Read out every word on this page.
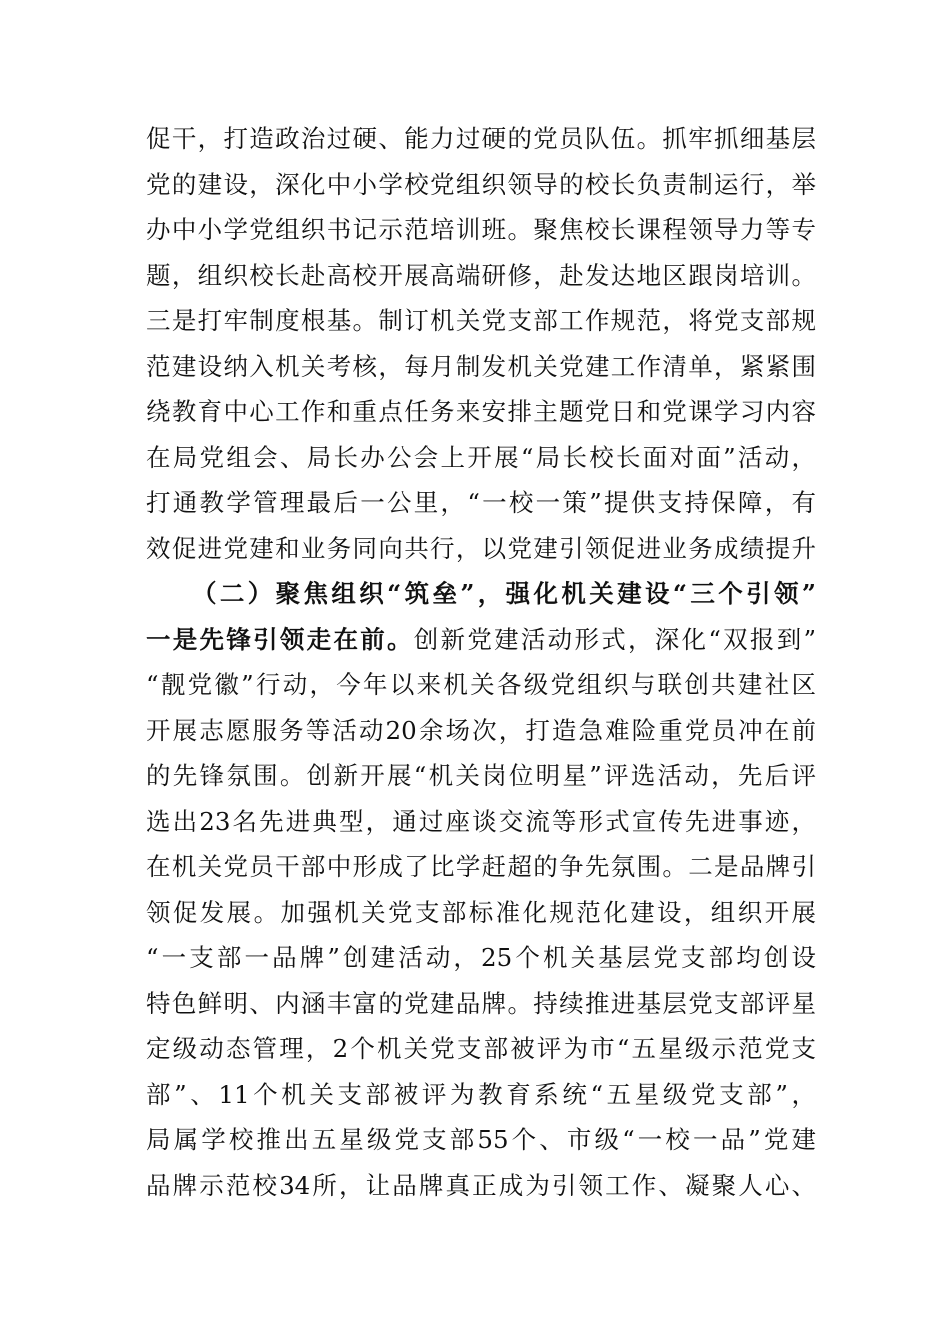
促干，打造政治过硬、能力过硬的党员队伍。抓牢抓细基层
党的建设，深化中小学校党组织领导的校长负责制运行，举
办中小学党组织书记示范培训班。聚焦校长课程领导力等专
题，组织校长赴高校开展高端研修，赴发达地区跟岗培训。
三是打牢制度根基。制订机关党支部工作规范，将党支部规
范建设纳入机关考核，每月制发机关党建工作清单，紧紧围
绕教育中心工作和重点任务来安排主题党日和党课学习内容
在局党组会、局长办公会上开展“局长校长面对面”活动，
打通教学管理最后一公里，“一校一策”提供支持保障，有
效促进党建和业务同向共行，以党建引领促进业务成绩提升
（二）聚焦组织“筑垒”，强化机关建设“三个引领”
一是先锋引领走在前。创新党建活动形式，深化“双报到”
“靓党徽”行动，今年以来机关各级党组织与联创共建社区
开展志愿服务等活动20余场次，打造急难险重党员冲在前
的先锋氛围。创新开展“机关岗位明星”评选活动，先后评
选出23名先进典型，通过座谈交流等形式宣传先进事迹，
在机关党员干部中形成了比学赶超的争先氛围。二是品牌引
领促发展。加强机关党支部标准化规范化建设，组织开展
“一支部一品牌”创建活动，25个机关基层党支部均创设
特色鲜明、内涵丰富的党建品牌。持续推进基层党支部评星
定级动态管理，2个机关党支部被评为市“五星级示范党支
部”、11个机关支部被评为教育系统“五星级党支部”，
局属学校推出五星级党支部55个、市级“一校一品”党建
品牌示范校34所，让品牌真正成为引领工作、凝聚人心、
